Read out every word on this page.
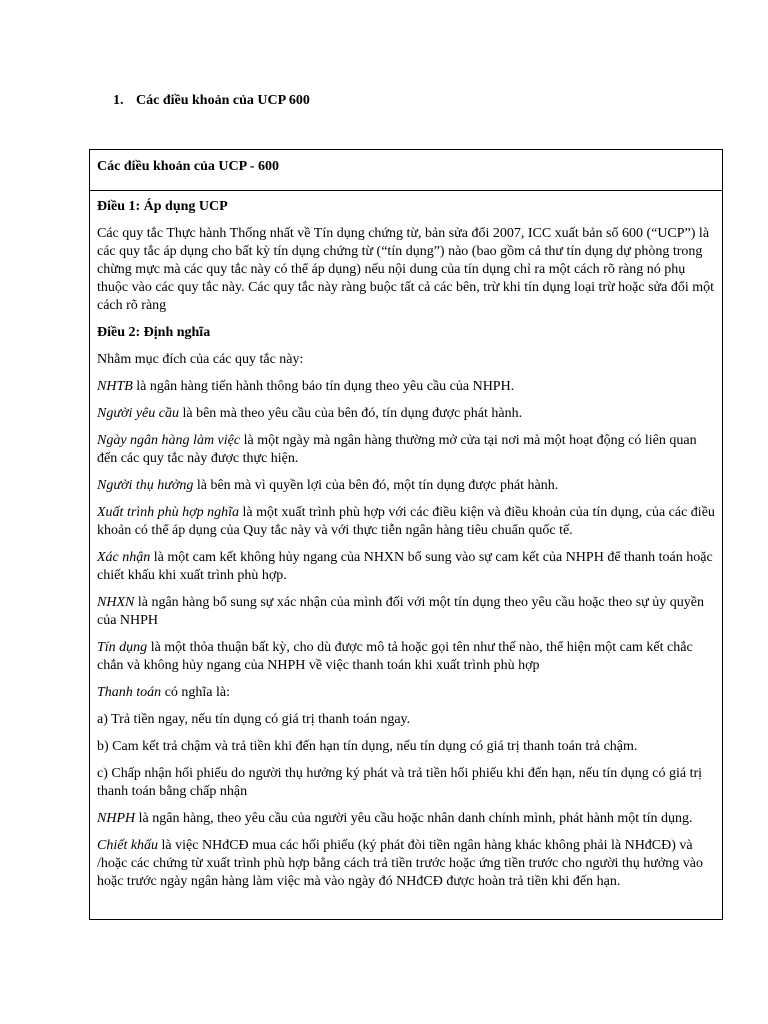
1. Các điều khoản của UCP 600
Các điều khoản của UCP - 600

Điều 1: Áp dụng UCP

Các quy tắc Thực hành Thống nhất về Tín dụng chứng từ, bản sửa đổi 2007, ICC xuất bản số 600 (“UCP”) là các quy tắc áp dụng cho bất kỳ tín dụng chứng từ (“tín dụng”) nào (bao gồm cả thư tín dụng dự phòng trong chừng mực mà các quy tắc này có thể áp dụng) nếu nội dung của tín dụng chỉ ra một cách rõ ràng nó phụ thuộc vào các quy tắc này. Các quy tắc này ràng buộc tất cả các bên, trừ khi tín dụng loại trừ hoặc sửa đổi một cách rõ ràng

Điều 2: Định nghĩa

Nhằm mục đích của các quy tắc này:

NHTB là ngân hàng tiến hành thông báo tín dụng theo yêu cầu của NHPH.

Người yêu cầu là bên mà theo yêu cầu của bên đó, tín dụng được phát hành.

Ngày ngân hàng làm việc là một ngày mà ngân hàng thường mở cửa tại nơi mà một hoạt động có liên quan đến các quy tắc này được thực hiện.

Người thụ hưởng là bên mà vì quyền lợi của bên đó, một tín dụng được phát hành.

Xuất trình phù hợp nghĩa là một xuất trình phù hợp với các điều kiện và điều khoản của tín dụng, của các điều khoản có thể áp dụng của Quy tắc này và với thực tiễn ngân hàng tiêu chuẩn quốc tế.

Xác nhận là một cam kết không hủy ngang của NHXN bổ sung vào sự cam kết của NHPH để thanh toán hoặc chiết khấu khi xuất trình phù hợp.

NHXN là ngân hàng bổ sung sự xác nhận của mình đối với một tín dụng theo yêu cầu hoặc theo sự ủy quyền của NHPH

Tín dụng là một thỏa thuận bất kỳ, cho dù được mô tả hoặc gọi tên như thế nào, thể hiện một cam kết chắc chắn và không hủy ngang của NHPH về việc thanh toán khi xuất trình phù hợp

Thanh toán có nghĩa là:

a) Trả tiền ngay, nếu tín dụng có giá trị thanh toán ngay.

b) Cam kết trả chậm và trả tiền khi đến hạn tín dụng, nếu tín dụng có giá trị thanh toán trả chậm.

c) Chấp nhận hối phiếu do người thụ hưởng ký phát và trả tiền hối phiếu khi đến hạn, nếu tín dụng có giá trị thanh toán bằng chấp nhận

NHPH là ngân hàng, theo yêu cầu của người yêu cầu hoặc nhân danh chính mình, phát hành một tín dụng.

Chiết khấu là việc NHđCĐ mua các hối phiếu (ký phát đòi tiền ngân hàng khác không phải là NHđCĐ) và /hoặc các chứng từ xuất trình phù hợp bằng cách trả tiền trước hoặc ứng tiền trước cho người thụ hưởng vào hoặc trước ngày ngân hàng làm việc mà vào ngày đó NHđCĐ được hoàn trả tiền khi đến hạn.
